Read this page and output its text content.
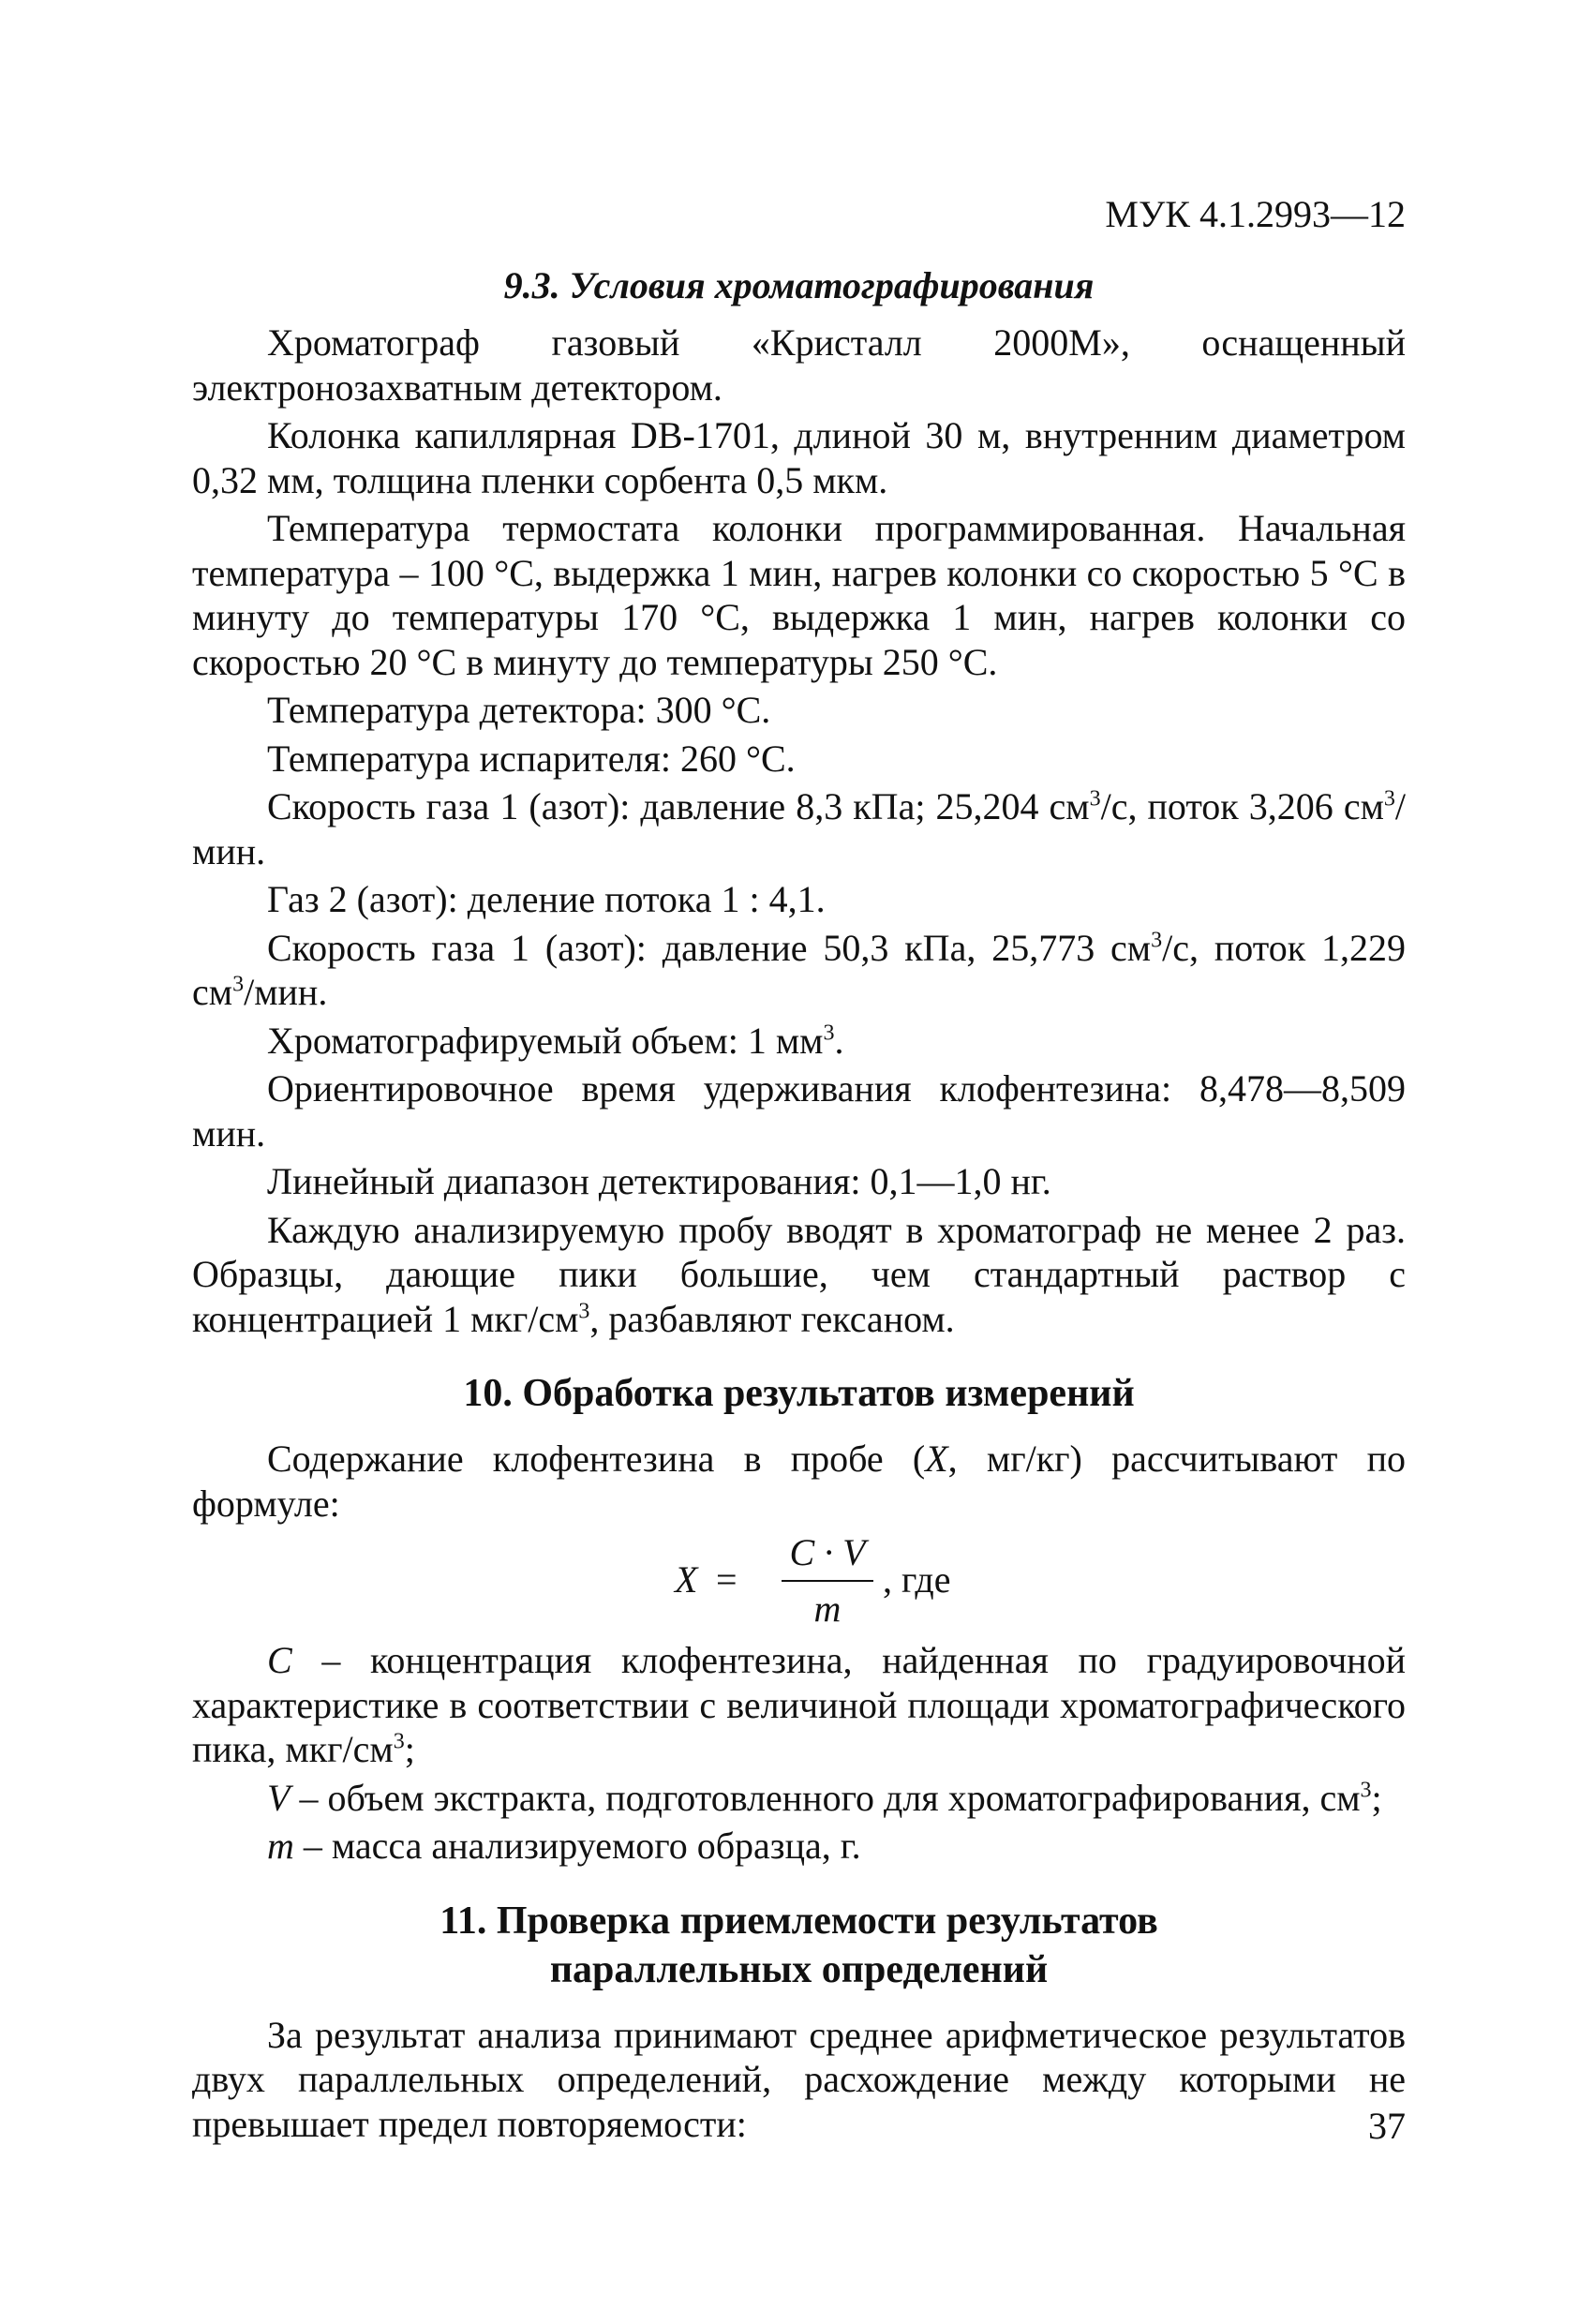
МУК 4.1.2993—12
9.3. Условия хроматографирования

Хроматограф газовый «Кристалл 2000М», оснащенный электронозахватным детектором.

Колонка капиллярная DB-1701, длиной 30 м, внутренним диаметром 0,32 мм, толщина пленки сорбента 0,5 мкм.

Температура термостата колонки программированная. Начальная температура – 100 °С, выдержка 1 мин, нагрев колонки со скоростью 5 °С в минуту до температуры 170 °С, выдержка 1 мин, нагрев колонки со скоростью 20 °С в минуту до температуры 250 °С.

Температура детектора: 300 °С.

Температура испарителя: 260 °С.

Скорость газа 1 (азот): давление 8,3 кПа; 25,204 $см^3/с$, поток 3,206 $см^3$/мин.

Газ 2 (азот): деление потока 1 : 4,1.

Скорость газа 1 (азот): давление 50,3 кПа, 25,773 $см^3/с$, поток 1,229 $см^3$/мин.

Хроматографируемый объем: 1 $мм^3$.

Ориентировочное время удерживания клофентезина: 8,478—8,509 мин.

Линейный диапазон детектирования: 0,1—1,0 нг.

Каждую анализируемую пробу вводят в хроматограф не менее 2 раз. Образцы, дающие пики большие, чем стандартный раствор с концентрацией 1 мкг/$см^3$, разбавляют гексаном.

10. Обработка результатов измерений

Содержание клофентезина в пробе (X, мг/кг) рассчитывают по формуле:

X =
C · V
m
, где

С – концентрация клофентезина, найденная по градуировочной характеристике в соответствии с величиной площади хроматографического пика, мкг/$см^3$;

V – объем экстракта, подготовленного для хроматографирования, $см^3$;

m – масса анализируемого образца, г.

11. Проверка приемлемости результатов
параллельных определений

За результат анализа принимают среднее арифметическое результатов двух параллельных определений, расхождение между которыми не превышает предел повторяемости:	37
